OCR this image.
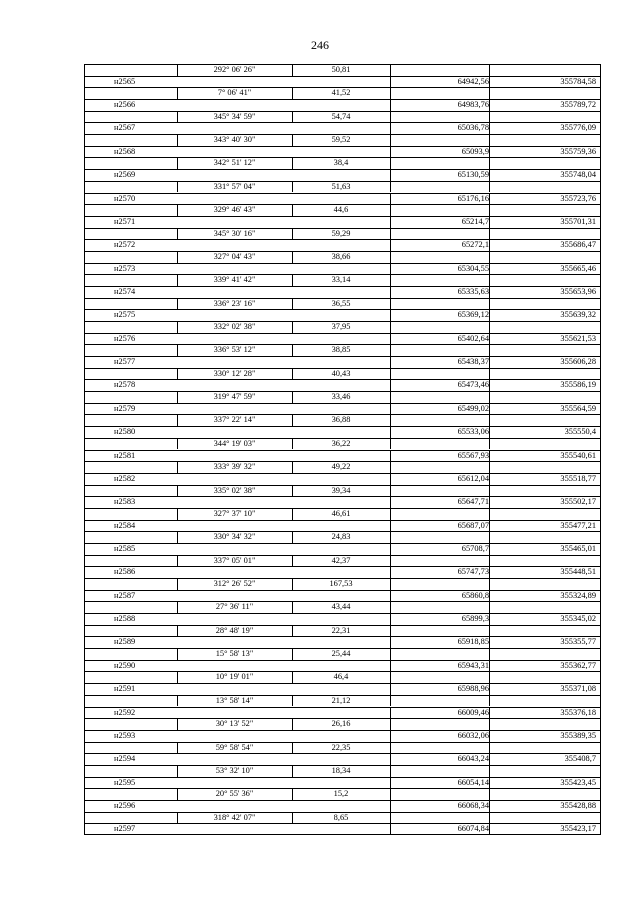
246
292° 06' 26"	50,81
н2565	64942,56	355784,58
7° 06' 41"	41,52
н2566	64983,76	355789,72
345° 34' 59"	54,74
н2567	65036,78	355776,09
343° 40' 30"	59,52
н2568	65093,9	355759,36
342° 51' 12"	38,4
н2569	65130,59	355748,04
331° 57' 04"	51,63
н2570	65176,16	355723,76
329° 46' 43"	44,6
н2571	65214,7	355701,31
345° 30' 16"	59,29
н2572	65272,1	355686,47
327° 04' 43"	38,66
н2573	65304,55	355665,46
339° 41' 42"	33,14
н2574	65335,63	355653,96
336° 23' 16"	36,55
н2575	65369,12	355639,32
332° 02' 38"	37,95
н2576	65402,64	355621,53
336° 53' 12"	38,85
н2577	65438,37	355606,28
330° 12' 28"	40,43
н2578	65473,46	355586,19
319° 47' 59"	33,46
н2579	65499,02	355564,59
337° 22' 14"	36,88
н2580	65533,06	355550,4
344° 19' 03"	36,22
н2581	65567,93	355540,61
333° 39' 32"	49,22
н2582	65612,04	355518,77
335° 02' 38"	39,34
н2583	65647,71	355502,17
327° 37' 10"	46,61
н2584	65687,07	355477,21
330° 34' 32"	24,83
н2585	65708,7	355465,01
337° 05' 01"	42,37
н2586	65747,73	355448,51
312° 26' 52"	167,53
н2587	65860,8	355324,89
27° 36' 11"	43,44
н2588	65899,3	355345,02
28° 48' 19"	22,31
н2589	65918,85	355355,77
15° 58' 13"	25,44
н2590	65943,31	355362,77
10° 19' 01"	46,4
н2591	65988,96	355371,08
13° 58' 14"	21,12
н2592	66009,46	355376,18
30° 13' 52"	26,16
н2593	66032,06	355389,35
59° 58' 54"	22,35
н2594	66043,24	355408,7
53° 32' 10"	18,34
н2595	66054,14	355423,45
20° 55' 36"	15,2
н2596	66068,34	355428,88
318° 42' 07"	8,65
н2597	66074,84	355423,17
